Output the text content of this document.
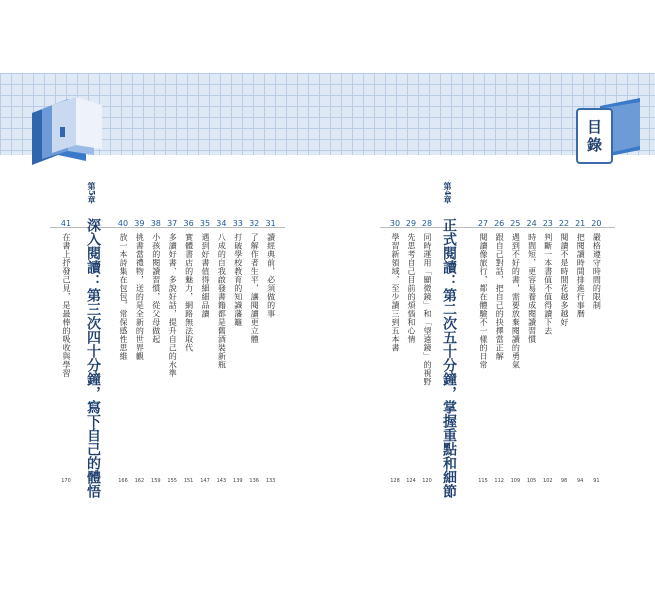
目
錄
第5章
深入閱讀：第三次四十分鐘，寫下自己的體悟
41
在書上抒發己見，是最棒的吸收與學習
170
40
放一本詩集在包包，常保感性思維
166
39
挑書當禮物，送的是全新的世界觀
162
38
小孩的閱讀習慣，從父母做起
159
37
多讀好書、多說好話，提升自己的水準
155
36
實體書店的魅力，網路無法取代
151
35
遇到好書值得細細品讀
147
34
八成的自我啟發書籍都是舊酒裝新瓶
143
33
打破學校教育的知識藩籬
139
32
了解作者生平，讓閱讀更立體
136
31
讀經典前，必須做的事
133
第4章
正式閱讀：第二次五十分鐘，掌握重點和細節
30
學習新領域，至少讀三到五本書
128
29
先思考自己目前的煩惱和心情
124
28
同時運用「顯微鏡」和「望遠鏡」的視野
120
27
閱讀像旅行，都在體驗不一樣的日常
115
26
跟自己對話，把自己的抉擇當正解
112
25
遇到不好的書，需要放棄閱讀的勇氣
109
24
時間短，更容易養成閱讀習慣
105
23
判斷一本書值不值得讀下去
102
22
閱讀不是時間花越多越好
98
21
把閱讀時間排進行事曆
94
20
嚴格遵守時間的限制
91
